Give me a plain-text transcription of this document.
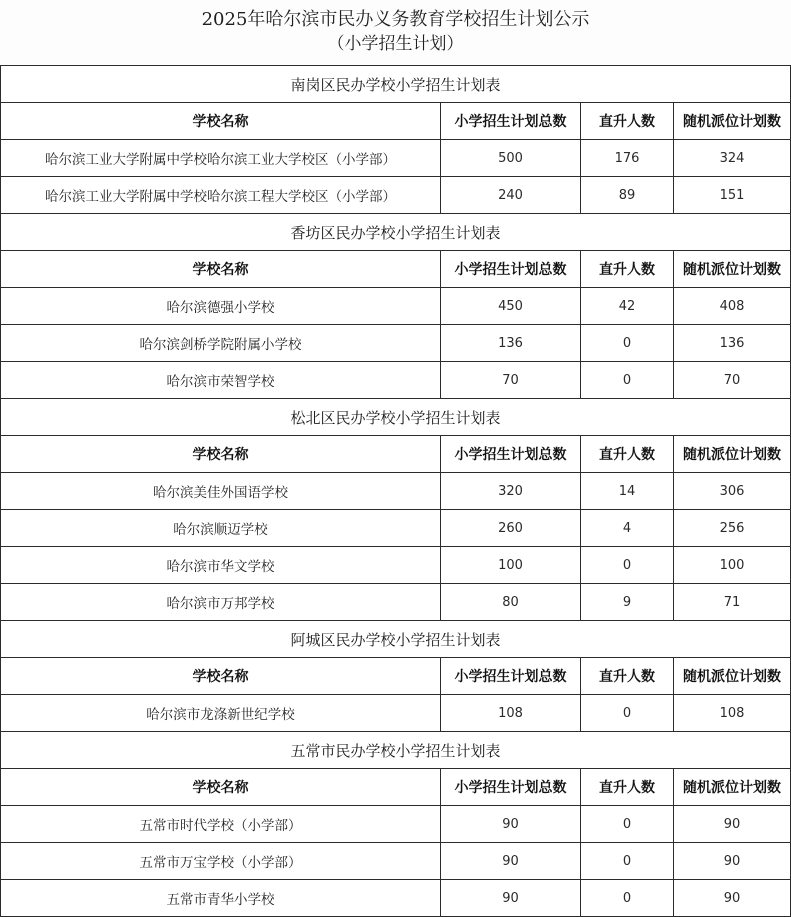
2025年哈尔滨市民办义务教育学校招生计划公示
（小学招生计划）
南岗区民办学校小学招生计划表			
学校名称	小学招生计划总数	直升人数	随机派位计划数
哈尔滨工业大学附属中学校哈尔滨工业大学校区（小学部）	500	176	324
哈尔滨工业大学附属中学校哈尔滨工程大学校区（小学部）	240	89	151
香坊区民办学校小学招生计划表			
学校名称	小学招生计划总数	直升人数	随机派位计划数
哈尔滨德强小学校	450	42	408
哈尔滨剑桥学院附属小学校	136	0	136
哈尔滨市荣智学校	70	0	70
松北区民办学校小学招生计划表			
学校名称	小学招生计划总数	直升人数	随机派位计划数
哈尔滨美佳外国语学校	320	14	306
哈尔滨顺迈学校	260	4	256
哈尔滨市华文学校	100	0	100
哈尔滨市万邦学校	80	9	71
阿城区民办学校小学招生计划表			
学校名称	小学招生计划总数	直升人数	随机派位计划数
哈尔滨市龙涤新世纪学校	108	0	108
五常市民办学校小学招生计划表			
学校名称	小学招生计划总数	直升人数	随机派位计划数
五常市时代学校（小学部）	90	0	90
五常市万宝学校（小学部）	90	0	90
五常市青华小学校	90	0	90
